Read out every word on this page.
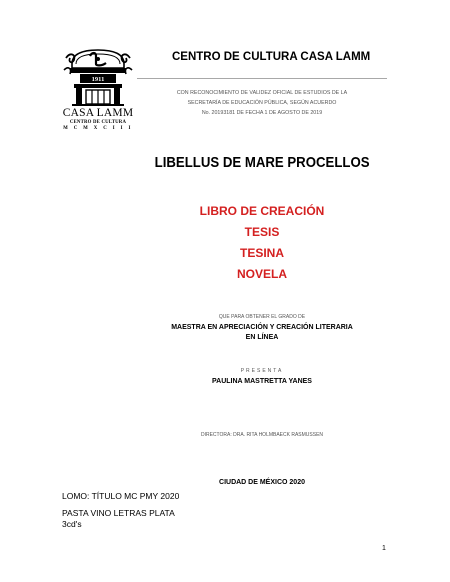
1911
CASA LAMM
CENTRO DE CULTURA
M C M X C I I I
CENTRO DE CULTURA CASA LAMM
CON RECONOCIMIENTO DE VALIDEZ OFICIAL DE ESTUDIOS DE LA
SECRETARÍA DE EDUCACIÓN PÚBLICA, SEGÚN ACUERDO
No. 20193181 DE FECHA 1 DE AGOSTO DE 2019
LIBELLUS DE MARE PROCELLOS
LIBRO DE CREACIÓN
TESIS
TESINA
NOVELA
QUE PARA OBTENER EL GRADO DE
MAESTRA EN APRECIACIÓN Y CREACIÓN LITERARIA
EN LÍNEA
PRESENTA
PAULINA MASTRETTA YANES
DIRECTORA: DRA. RITA HOLMBAECK RASMUSSEN
CIUDAD DE MÉXICO 2020
LOMO: TÍTULO MC PMY 2020
PASTA VINO LETRAS PLATA
3cd's
1
